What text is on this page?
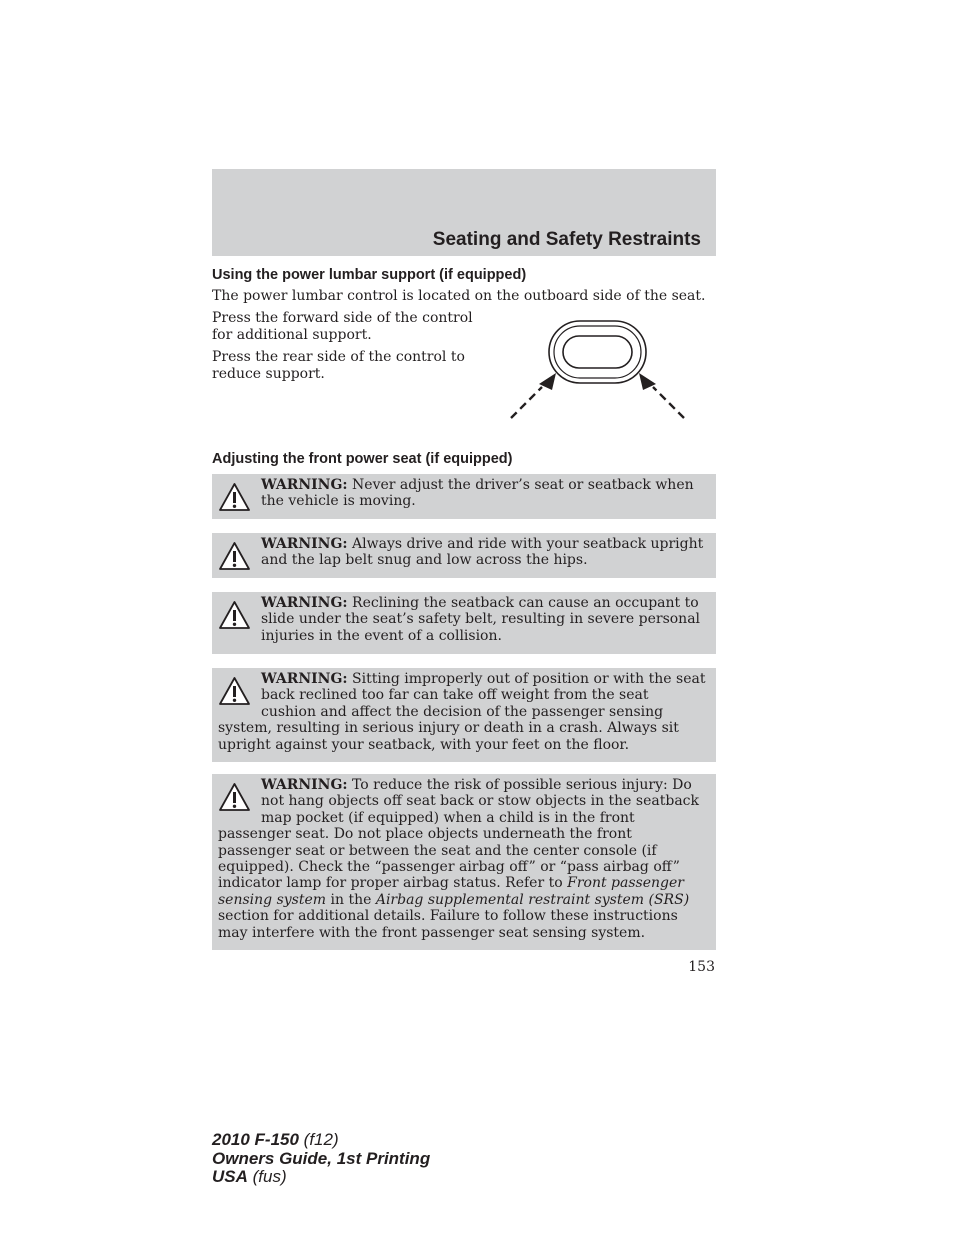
Seating and Safety Restraints
Using the power lumbar support (if equipped)

The power lumbar control is located on the outboard side of the seat.

Press the forward side of the control for additional support.

Press the rear side of the control to reduce support.

Adjusting the front power seat (if equipped)
WARNING: Never adjust the driver’s seat or seatback when the vehicle is moving.
WARNING: Always drive and ride with your seatback upright and the lap belt snug and low across the hips.
WARNING: Reclining the seatback can cause an occupant to slide under the seat’s safety belt, resulting in severe personal injuries in the event of a collision.
WARNING: Sitting improperly out of position or with the seat back reclined too far can take off weight from the seat cushion and affect the decision of the passenger sensing system, resulting in serious injury or death in a crash. Always sit upright against your seatback, with your feet on the floor.
WARNING: To reduce the risk of possible serious injury: Do not hang objects off seat back or stow objects in the seatback map pocket (if equipped) when a child is in the front passenger seat. Do not place objects underneath the front passenger seat or between the seat and the center console (if equipped). Check the “passenger airbag off” or “pass airbag off” indicator lamp for proper airbag status. Refer to Front passenger sensing system in the Airbag supplemental restraint system (SRS) section for additional details. Failure to follow these instructions may interfere with the front passenger seat sensing system.

153

2010 F-150 (f12)
Owners Guide, 1st Printing
USA (fus)
